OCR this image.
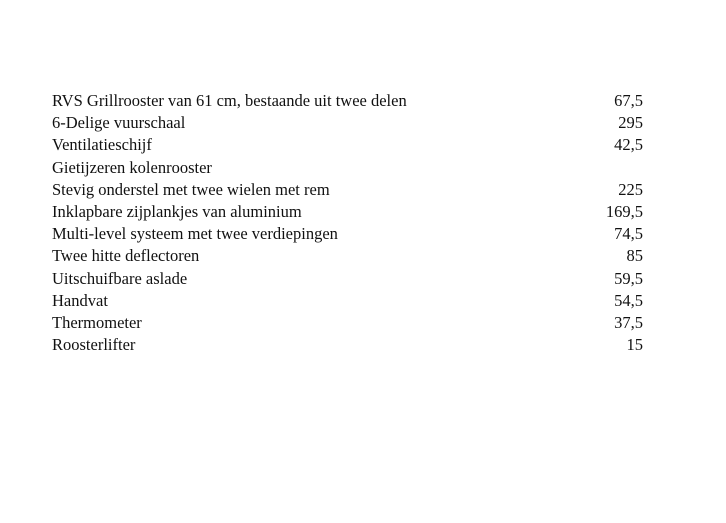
RVS Grillrooster van 61 cm, bestaande uit twee delen	67,5
6-Delige vuurschaal	295
Ventilatieschijf	42,5
Gietijzeren kolenrooster
Stevig onderstel met twee wielen met rem	225
Inklapbare zijplankjes van aluminium	169,5
Multi-level systeem met twee verdiepingen	74,5
Twee hitte deflectoren	85
Uitschuifbare aslade	59,5
Handvat	54,5
Thermometer	37,5
Roosterlifter	15
